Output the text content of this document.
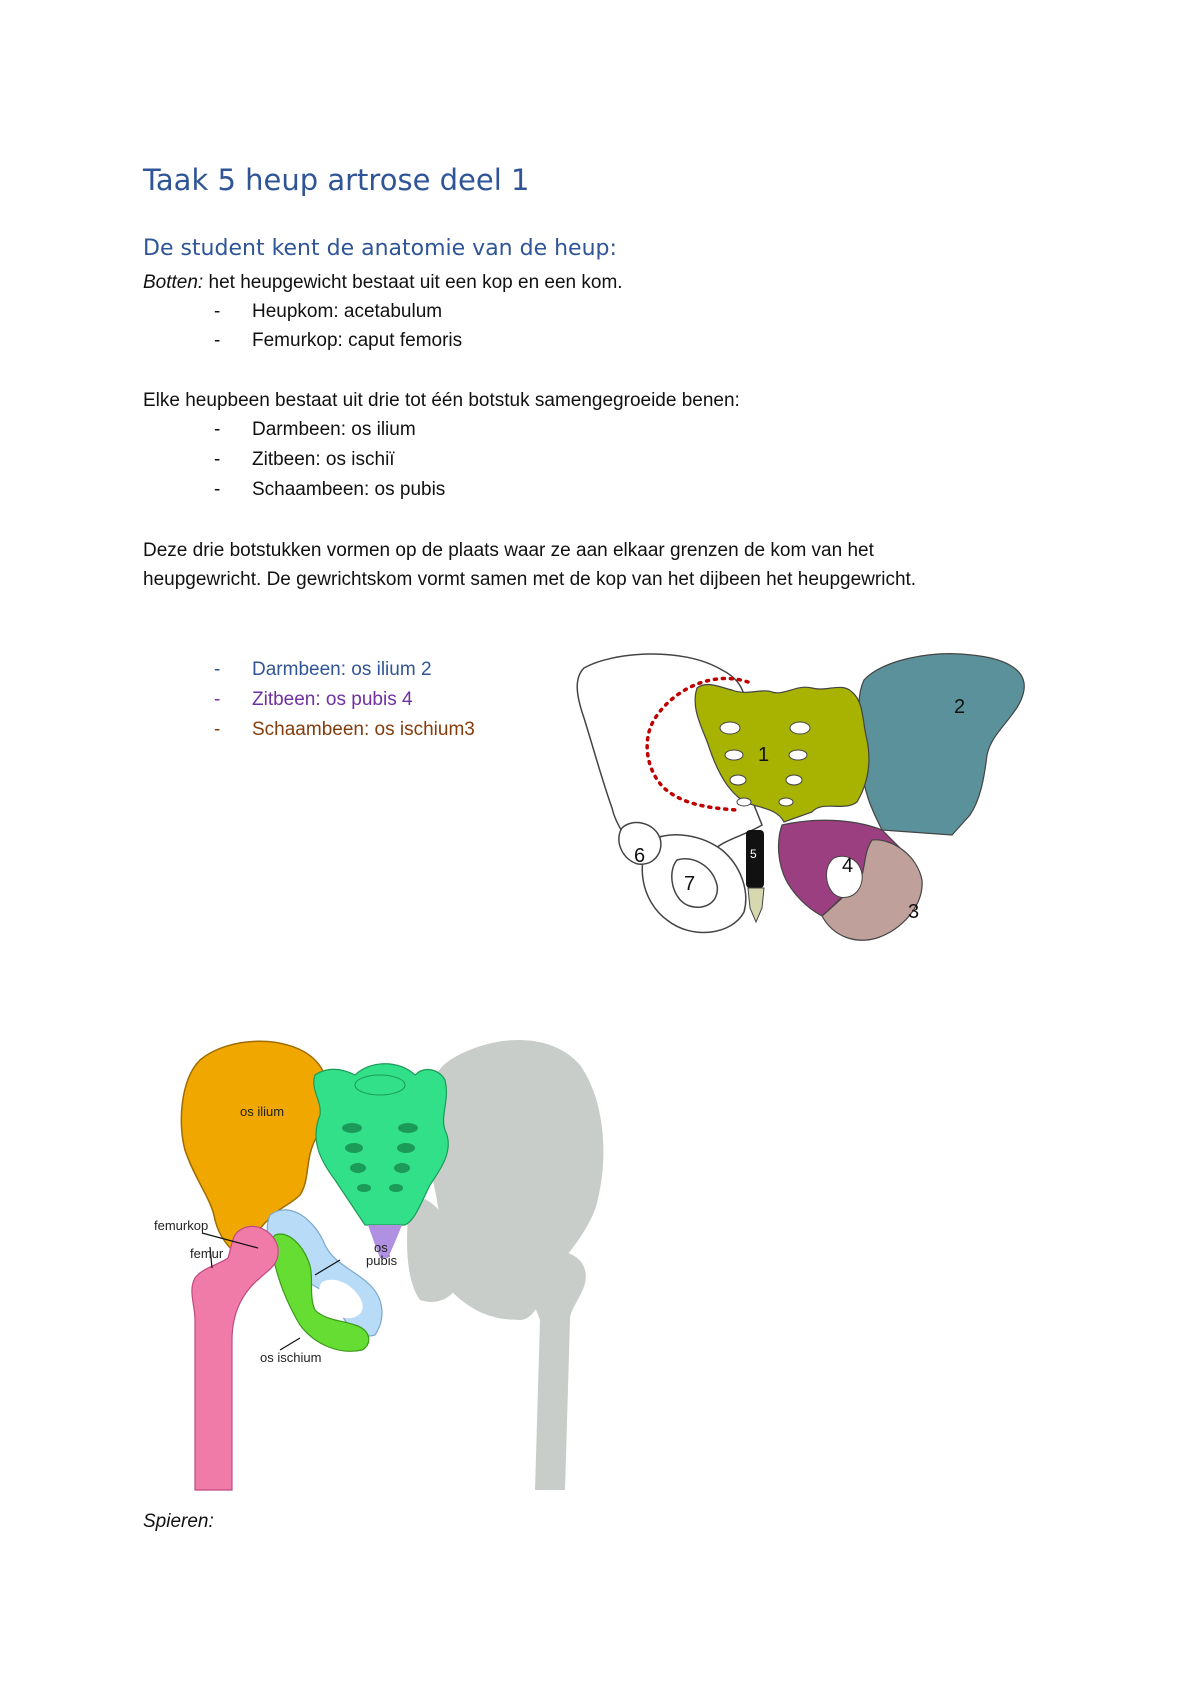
Taak 5 heup artrose deel 1
De student kent de anatomie van de heup:
Botten: het heupgewicht bestaat uit een kop en een kom.
- Heupkom: acetabulum
- Femurkop: caput femoris
Elke heupbeen bestaat uit drie tot één botstuk samengegroeide benen:
- Darmbeen: os ilium
- Zitbeen: os ischiï
- Schaambeen: os pubis
Deze drie botstukken vormen op de plaats waar ze aan elkaar grenzen de kom van het
heupgewricht. De gewrichtskom vormt samen met de kop van het dijbeen het heupgewricht.
- Darmbeen: os ilium 2
- Zitbeen: os pubis 4
- Schaambeen: os ischium3
1
2
3
4
5
6
7
os ilium
femurkop
femur	os
pubis
os ischium
Spieren:
